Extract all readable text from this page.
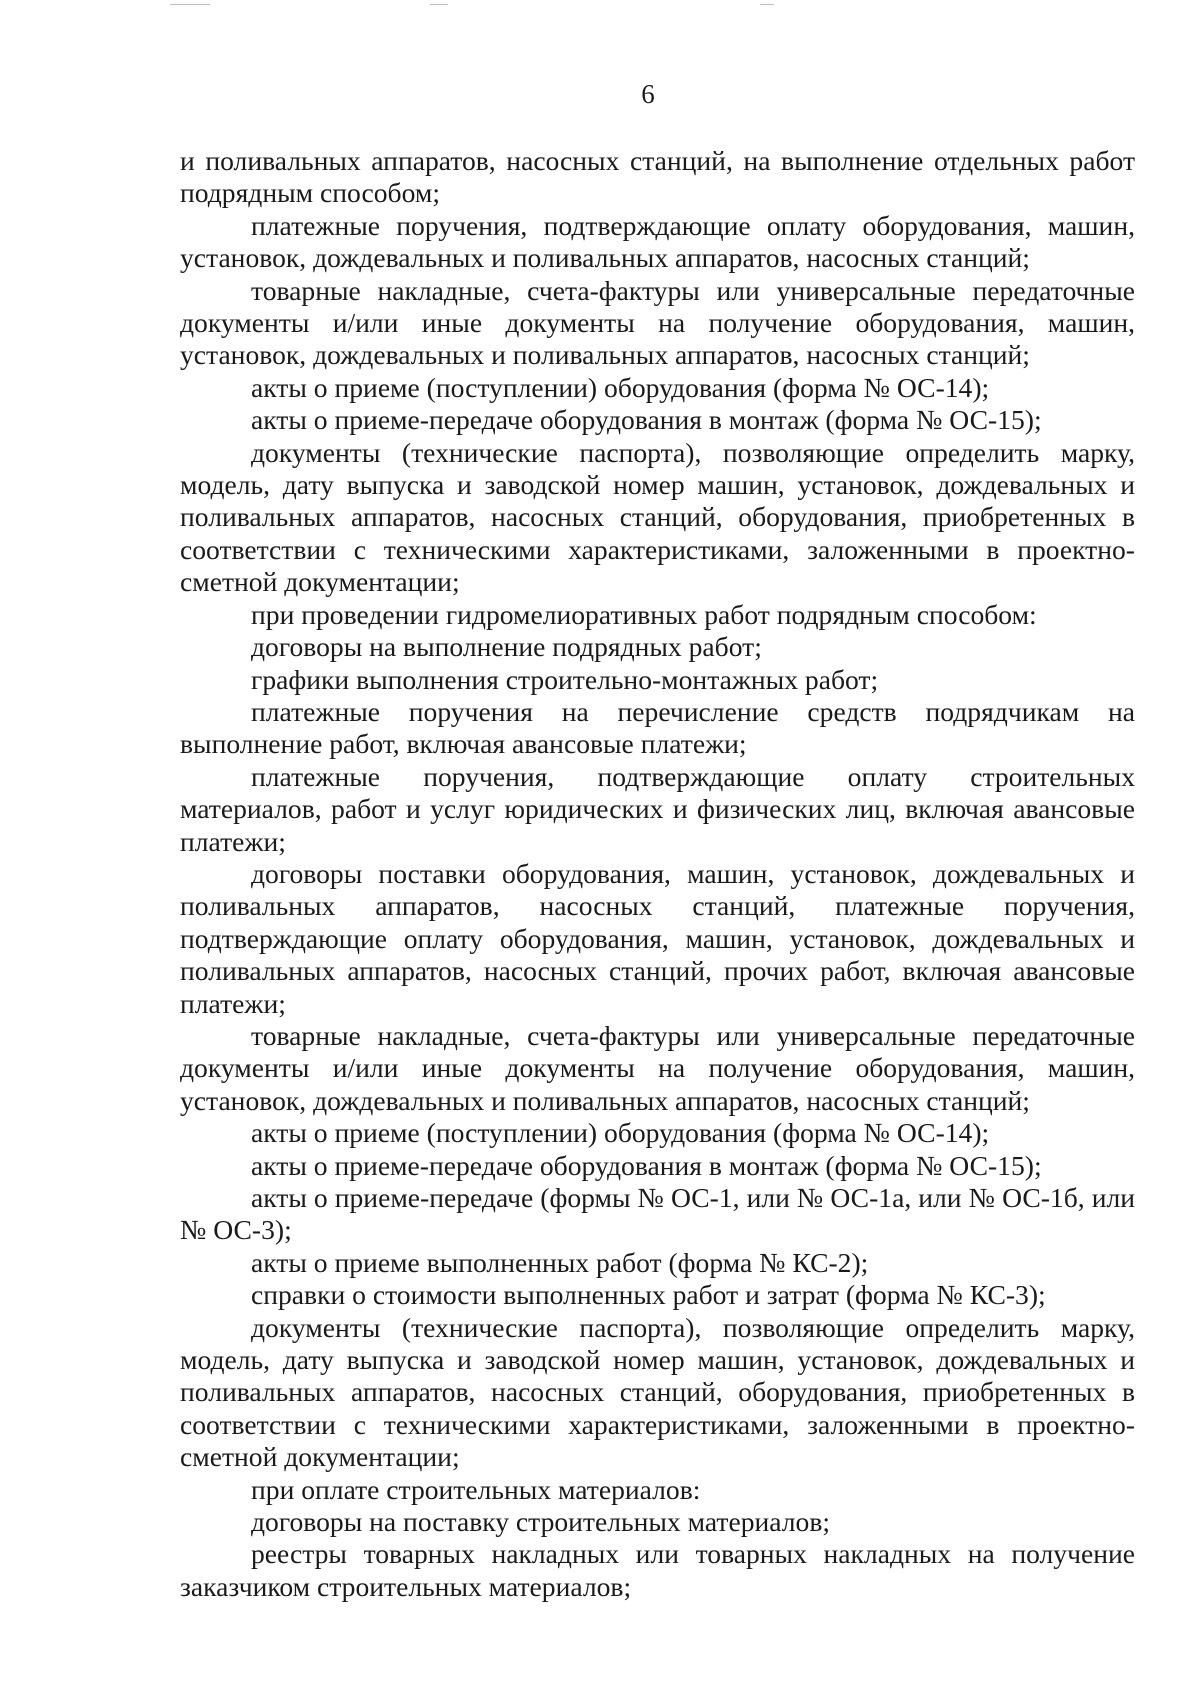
6

и поливальных аппаратов, насосных станций, на выполнение отдельных работ подрядным способом;

платежные поручения, подтверждающие оплату оборудования, машин, установок, дождевальных и поливальных аппаратов, насосных станций;

товарные накладные, счета-фактуры или универсальные передаточные документы и/или иные документы на получение оборудования, машин, установок, дождевальных и поливальных аппаратов, насосных станций;

акты о приеме (поступлении) оборудования (форма № ОС-14);

акты о приеме-передаче оборудования в монтаж (форма № ОС-15);

документы (технические паспорта), позволяющие определить марку, модель, дату выпуска и заводской номер машин, установок, дождевальных и поливальных аппаратов, насосных станций, оборудования, приобретенных в соответствии с техническими характеристиками, заложенными в проектно-сметной документации;

при проведении гидромелиоративных работ подрядным способом:

договоры на выполнение подрядных работ;

графики выполнения строительно-монтажных работ;

платежные поручения на перечисление средств подрядчикам на выполнение работ, включая авансовые платежи;

платежные поручения, подтверждающие оплату строительных материалов, работ и услуг юридических и физических лиц, включая авансовые платежи;

договоры поставки оборудования, машин, установок, дождевальных и поливальных аппаратов, насосных станций, платежные поручения, подтверждающие оплату оборудования, машин, установок, дождевальных и поливальных аппаратов, насосных станций, прочих работ, включая авансовые платежи;

товарные накладные, счета-фактуры или универсальные передаточные документы и/или иные документы на получение оборудования, машин, установок, дождевальных и поливальных аппаратов, насосных станций;

акты о приеме (поступлении) оборудования (форма № ОС-14);

акты о приеме-передаче оборудования в монтаж (форма № ОС-15);

акты о приеме-передаче (формы № ОС-1, или № ОС-1а, или № ОС-1б, или № ОС-3);

акты о приеме выполненных работ (форма № КС-2);

справки о стоимости выполненных работ и затрат (форма № КС-3);

документы (технические паспорта), позволяющие определить марку, модель, дату выпуска и заводской номер машин, установок, дождевальных и поливальных аппаратов, насосных станций, оборудования, приобретенных в соответствии с техническими характеристиками, заложенными в проектно-сметной документации;

при оплате строительных материалов:

договоры на поставку строительных материалов;

реестры товарных накладных или товарных накладных на получение заказчиком строительных материалов;
